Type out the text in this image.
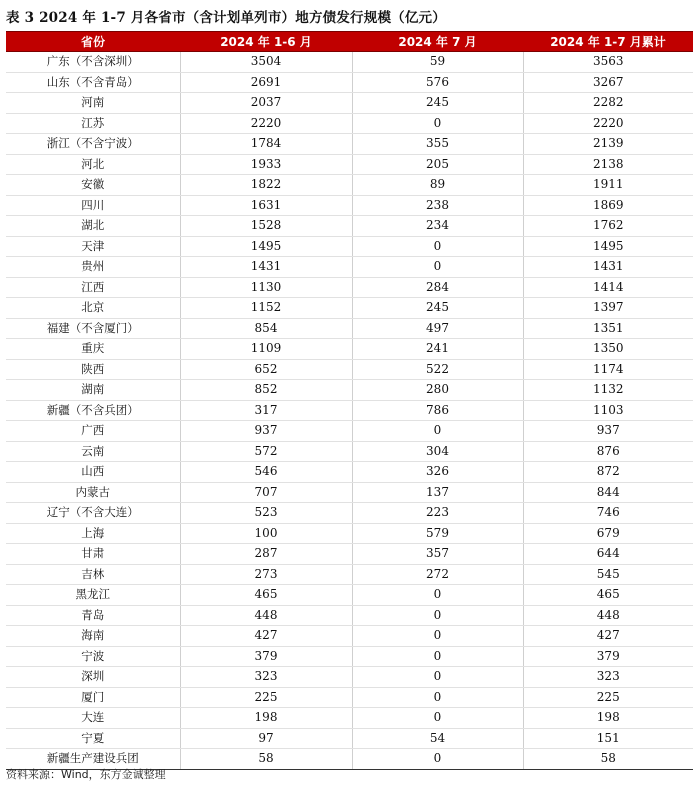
表 3 2024 年 1-7 月各省市（含计划单列市）地方债发行规模（亿元）
省份	2024 年 1-6 月	2024 年 7 月	2024 年 1-7 月累计
广东（不含深圳）	3504	59	3563
山东（不含青岛）	2691	576	3267
河南	2037	245	2282
江苏	2220	0	2220
浙江（不含宁波）	1784	355	2139
河北	1933	205	2138
安徽	1822	89	1911
四川	1631	238	1869
湖北	1528	234	1762
天津	1495	0	1495
贵州	1431	0	1431
江西	1130	284	1414
北京	1152	245	1397
福建（不含厦门）	854	497	1351
重庆	1109	241	1350
陕西	652	522	1174
湖南	852	280	1132
新疆（不含兵团）	317	786	1103
广西	937	0	937
云南	572	304	876
山西	546	326	872
内蒙古	707	137	844
辽宁（不含大连）	523	223	746
上海	100	579	679
甘肃	287	357	644
吉林	273	272	545
黑龙江	465	0	465
青岛	448	0	448
海南	427	0	427
宁波	379	0	379
深圳	323	0	323
厦门	225	0	225
大连	198	0	198
宁夏	97	54	151
新疆生产建设兵团	58	0	58
资料来源：Wind，东方金诚整理
